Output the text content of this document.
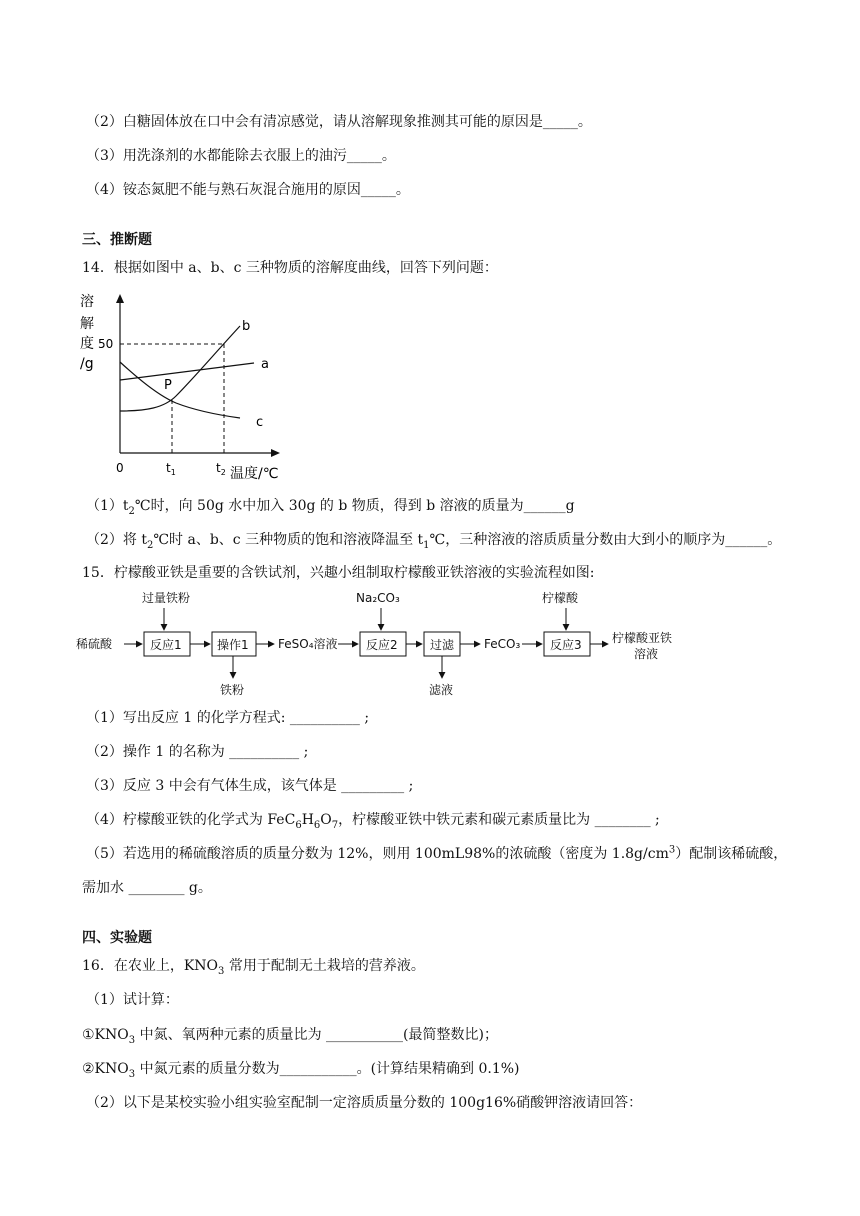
（2）白糖固体放在口中会有清凉感觉，请从溶解现象推测其可能的原因是_____。
（3）用洗涤剂的水都能除去衣服上的油污_____。
（4）铵态氮肥不能与熟石灰混合施用的原因_____。
三、推断题
14．根据如图中 a、b、c 三种物质的溶解度曲线，回答下列问题：
溶
解
度
/g
50
0	$t_1$	$t_2$ 温度/℃
b
a
c
P
$(1)t_2℃$时，向 50g 水中加入 30g 的 b 物质，得到 b 溶液的质量为______g
（2）将 $t_2℃$时 a、b、c 三种物质的饱和溶液降温至 $t_1℃$，三种溶液的溶质质量分数由大到小的顺序为______。
15．柠檬酸亚铁是重要的含铁试剂，兴趣小组制取柠檬酸亚铁溶液的实验流程如图:
稀硫酸
过量铁粉
反应1	操作1
铁粉
FeSO₄溶液
Na₂CO₃
反应2	过滤
滤液
FeCO₃
柠檬酸
反应3	柠檬酸亚铁
溶液
（1）写出反应 1 的化学方程式: __________ ;
（2）操作 1 的名称为 __________ ;
（3）反应 3 中会有气体生成，该气体是 _________ ;
（4）柠檬酸亚铁的化学式为 $FeC_6H_6O_7$，柠檬酸亚铁中铁元素和碳元素质量比为 ________ ;
（5）若选用的稀硫酸溶质的质量分数为 12%，则用 100mL98%的浓硫酸（密度为 $1.8g/cm^3$）配制该稀硫酸，
需加水 ________ g。
四、实验题
16．在农业上，$KNO_3$ 常用于配制无土栽培的营养液。
（1）试计算：
$①KNO_3$ 中氮、氧两种元素的质量比为 ___________(最简整数比)；
$②KNO_3$ 中氮元素的质量分数为___________。(计算结果精确到 0.1%)
（2）以下是某校实验小组实验室配制一定溶质质量分数的 100g16%硝酸钾溶液请回答：
